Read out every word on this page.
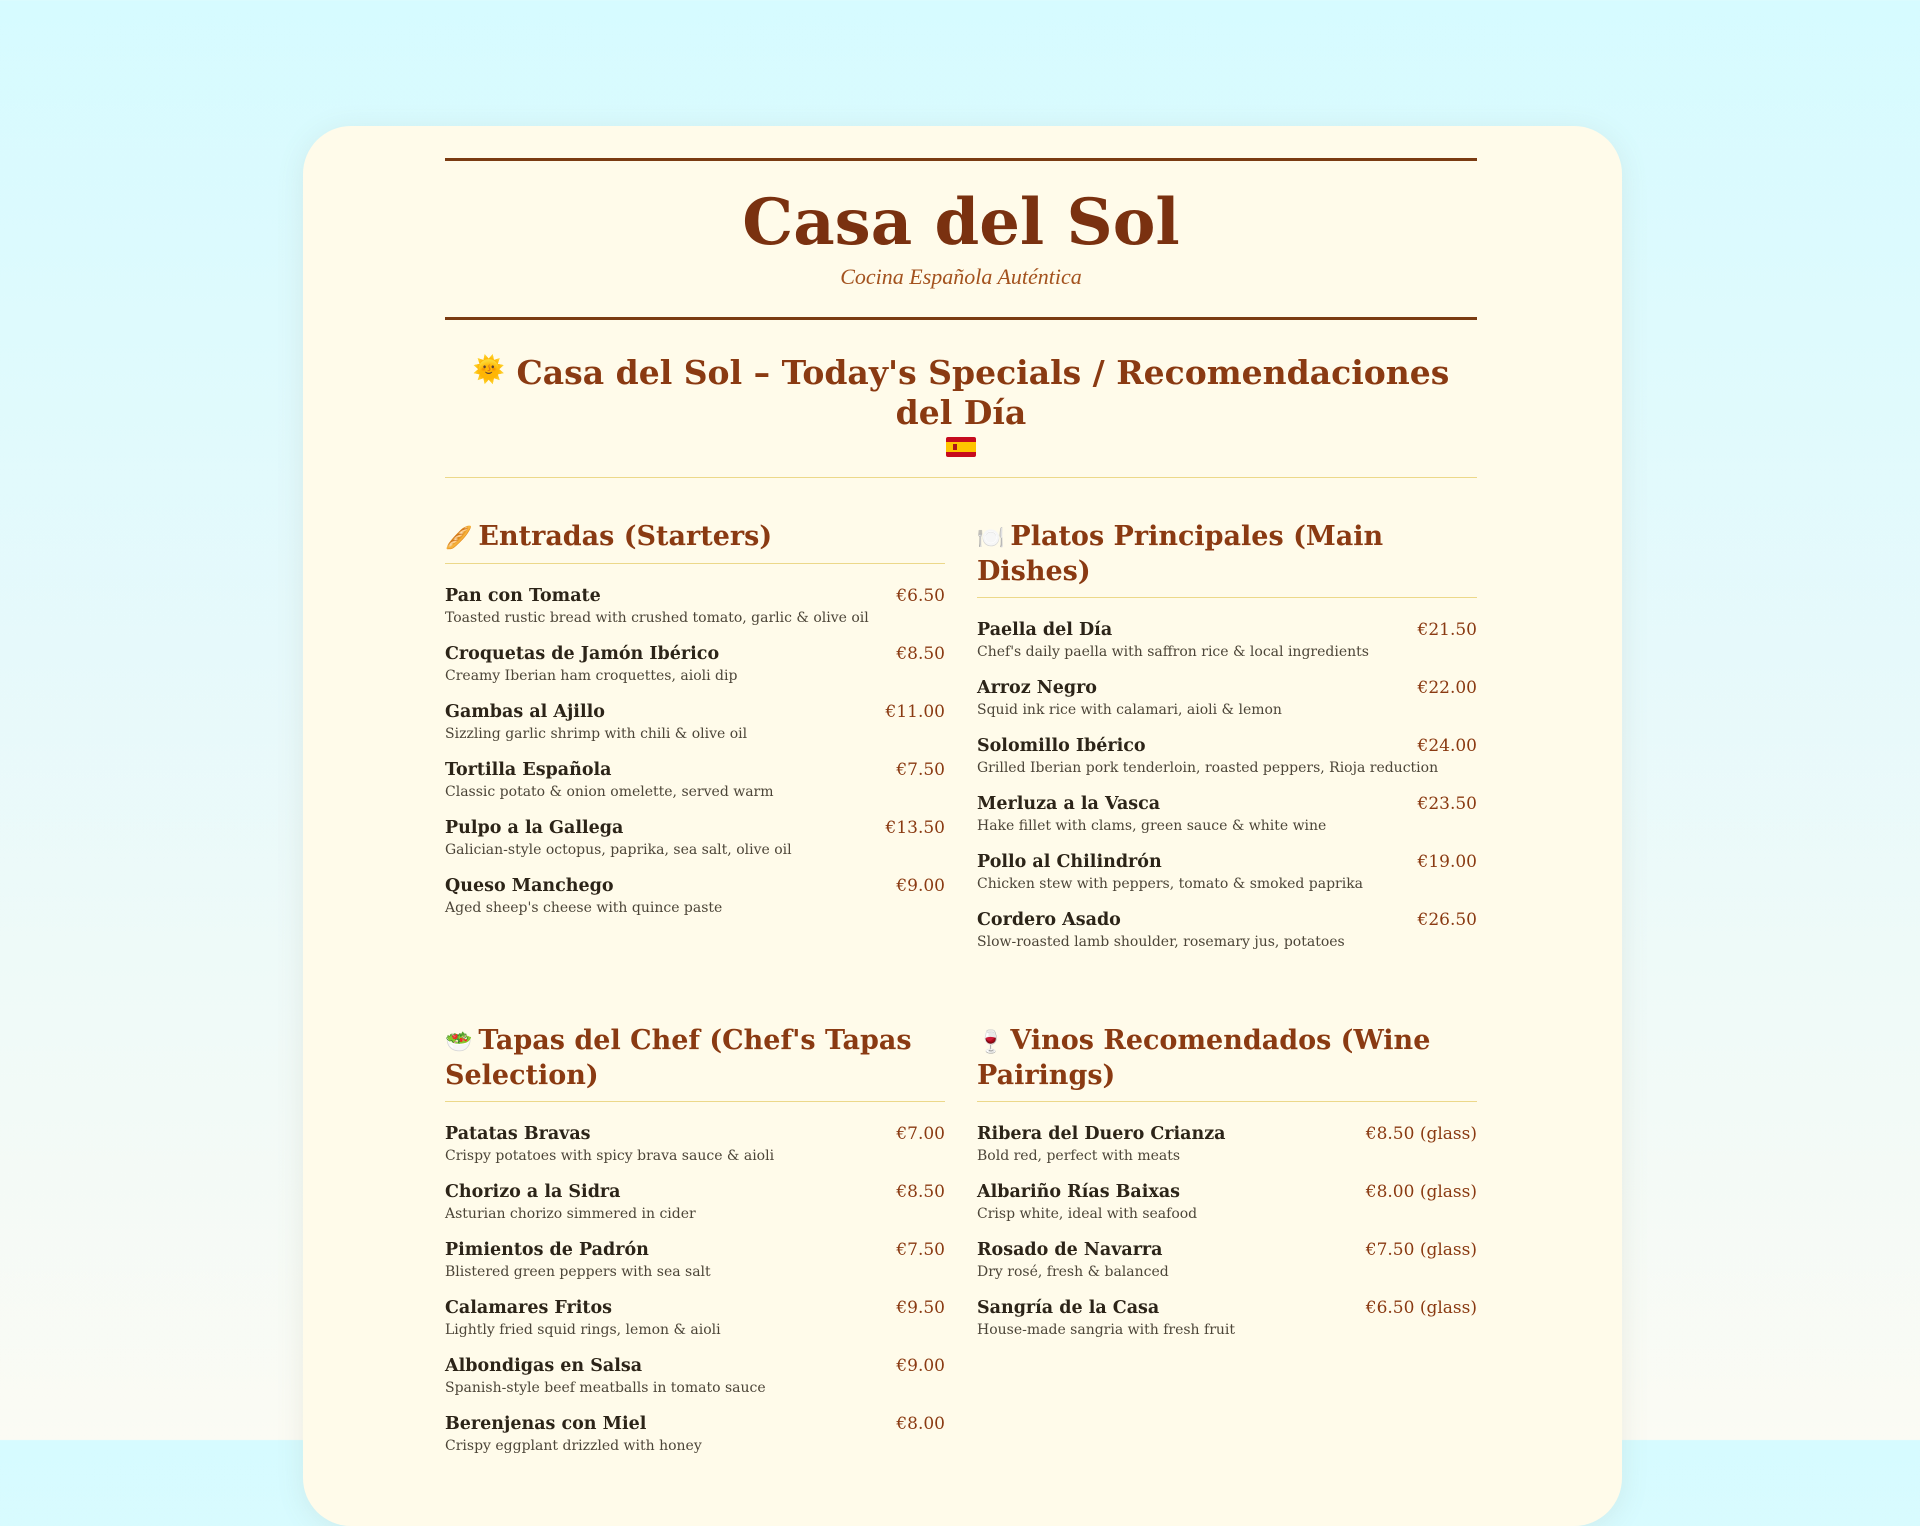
Casa del Sol
Cocina Española Auténtica
🌞 Casa del Sol – Today's Specials / Recomendaciones del Día
🥖 Entradas (Starters)
Pan con Tomate	€6.50
Toasted rustic bread with crushed tomato, garlic & olive oil
Croquetas de Jamón Ibérico	€8.50
Creamy Iberian ham croquettes, aioli dip
Gambas al Ajillo	€11.00
Sizzling garlic shrimp with chili & olive oil
Tortilla Española	€7.50
Classic potato & onion omelette, served warm
Pulpo a la Gallega	€13.50
Galician-style octopus, paprika, sea salt, olive oil
Queso Manchego	€9.00
Aged sheep's cheese with quince paste
🍽️ Platos Principales (Main Dishes)
Paella del Día	€21.50
Chef's daily paella with saffron rice & local ingredients
Arroz Negro	€22.00
Squid ink rice with calamari, aioli & lemon
Solomillo Ibérico	€24.00
Grilled Iberian pork tenderloin, roasted peppers, Rioja reduction
Merluza a la Vasca	€23.50
Hake fillet with clams, green sauce & white wine
Pollo al Chilindrón	€19.00
Chicken stew with peppers, tomato & smoked paprika
Cordero Asado	€26.50
Slow-roasted lamb shoulder, rosemary jus, potatoes
🥗 Tapas del Chef (Chef's Tapas Selection)
Patatas Bravas	€7.00
Crispy potatoes with spicy brava sauce & aioli
Chorizo a la Sidra	€8.50
Asturian chorizo simmered in cider
Pimientos de Padrón	€7.50
Blistered green peppers with sea salt
Calamares Fritos	€9.50
Lightly fried squid rings, lemon & aioli
Albondigas en Salsa	€9.00
Spanish-style beef meatballs in tomato sauce
Berenjenas con Miel	€8.00
Crispy eggplant drizzled with honey
🍷 Vinos Recomendados (Wine Pairings)
Ribera del Duero Crianza	€8.50 (glass)
Bold red, perfect with meats
Albariño Rías Baixas	€8.00 (glass)
Crisp white, ideal with seafood
Rosado de Navarra	€7.50 (glass)
Dry rosé, fresh & balanced
Sangría de la Casa	€6.50 (glass)
House-made sangria with fresh fruit
